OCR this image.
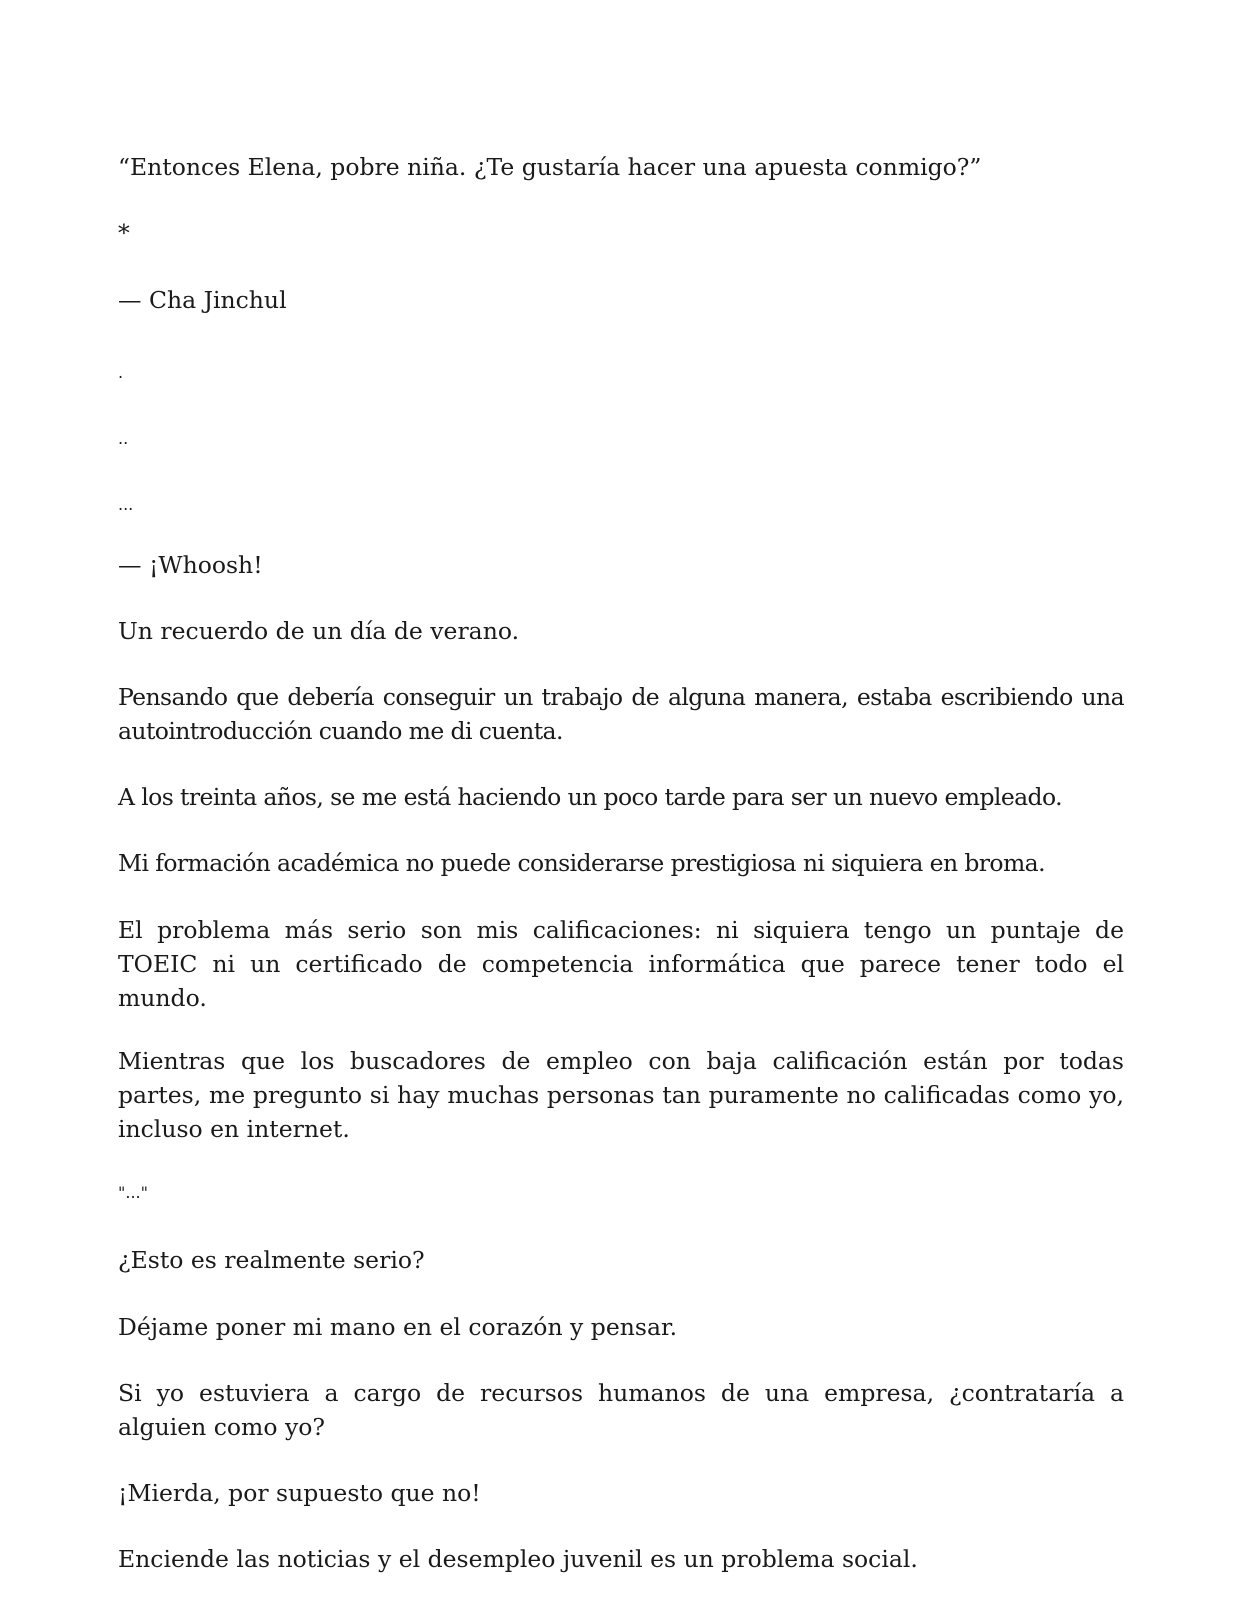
“Entonces Elena, pobre niña. ¿Te gustaría hacer una apuesta conmigo?”

*

— Cha Jinchul

.

..

...

— ¡Whoosh!

Un recuerdo de un día de verano.

Pensando que debería conseguir un trabajo de alguna manera, estaba escribiendo una autointroducción cuando me di cuenta.

A los treinta años, se me está haciendo un poco tarde para ser un nuevo empleado.

Mi formación académica no puede considerarse prestigiosa ni siquiera en broma.

El problema más serio son mis calificaciones: ni siquiera tengo un puntaje de TOEIC ni un certificado de competencia informática que parece tener todo el mundo.

Mientras que los buscadores de empleo con baja calificación están por todas partes, me pregunto si hay muchas personas tan puramente no calificadas como yo, incluso en internet.

"..."

¿Esto es realmente serio?

Déjame poner mi mano en el corazón y pensar.

Si yo estuviera a cargo de recursos humanos de una empresa, ¿contrataría a alguien como yo?

¡Mierda, por supuesto que no!

Enciende las noticias y el desempleo juvenil es un problema social.
